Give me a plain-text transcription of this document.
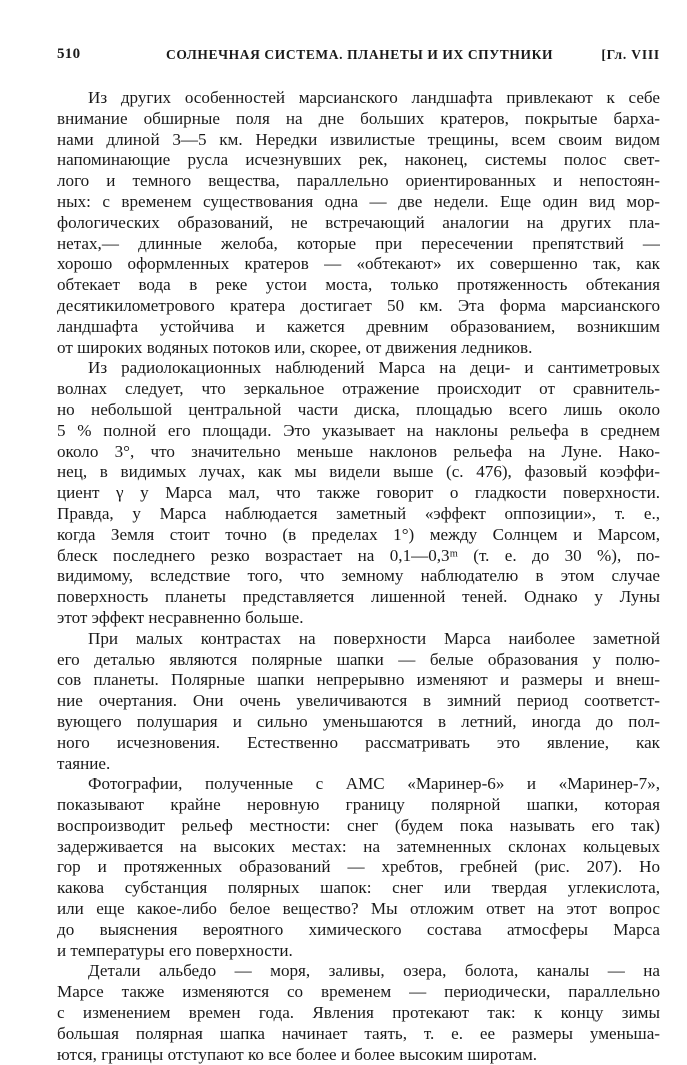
510	СОЛНЕЧНАЯ СИСТЕМА. ПЛАНЕТЫ И ИХ СПУТНИКИ	[Гл. VIII
Из других особенностей марсианского ландшафта привлекают к себе
внимание обширные поля на дне больших кратеров, покрытые барха-
нами длиной 3—5 км. Нередки извилистые трещины, всем своим видом
напоминающие русла исчезнувших рек, наконец, системы полос свет-
лого и темного вещества, параллельно ориентированных и непостоян-
ных: с временем существования одна — две недели. Еще один вид мор-
фологических образований, не встречающий аналогии на других пла-
нетах,— длинные желоба, которые при пересечении препятствий —
хорошо оформленных кратеров — «обтекают» их совершенно так, как
обтекает вода в реке устои моста, только протяженность обтекания
десятикилометрового кратера достигает 50 км. Эта форма марсианского
ландшафта устойчива и кажется древним образованием, возникшим
от широких водяных потоков или, скорее, от движения ледников.
Из радиолокационных наблюдений Марса на деци- и сантиметровых
волнах следует, что зеркальное отражение происходит от сравнитель-
но небольшой центральной части диска, площадью всего лишь около
5 % полной его площади. Это указывает на наклоны рельефа в среднем
около 3°, что значительно меньше наклонов рельефа на Луне. Нако-
нец, в видимых лучах, как мы видели выше (с. 476), фазовый коэффи-
циент γ у Марса мал, что также говорит о гладкости поверхности.
Правда, у Марса наблюдается заметный «эффект оппозиции», т. е.,
когда Земля стоит точно (в пределах 1°) между Солнцем и Марсом,
блеск последнего резко возрастает на 0,1—0,3ᵐ (т. е. до 30 %), по-
видимому, вследствие того, что земному наблюдателю в этом случае
поверхность планеты представляется лишенной теней. Однако у Луны
этот эффект несравненно больше.
При малых контрастах на поверхности Марса наиболее заметной
его деталью являются полярные шапки — белые образования у полю-
сов планеты. Полярные шапки непрерывно изменяют и размеры и внеш-
ние очертания. Они очень увеличиваются в зимний период соответст-
вующего полушария и сильно уменьшаются в летний, иногда до пол-
ного исчезновения. Естественно рассматривать это явление, как
таяние.
Фотографии, полученные с АМС «Маринер-6» и «Маринер-7»,
показывают крайне неровную границу полярной шапки, которая
воспроизводит рельеф местности: снег (будем пока называть его так)
задерживается на высоких местах: на затемненных склонах кольцевых
гор и протяженных образований — хребтов, гребней (рис. 207). Но
какова субстанция полярных шапок: снег или твердая углекислота,
или еще какое-либо белое вещество? Мы отложим ответ на этот вопрос
до выяснения вероятного химического состава атмосферы Марса
и температуры его поверхности.
Детали альбедо — моря, заливы, озера, болота, каналы — на
Марсе также изменяются со временем — периодически, параллельно
с изменением времен года. Явления протекают так: к концу зимы
большая полярная шапка начинает таять, т. е. ее размеры уменьша-
ются, границы отступают ко все более и более высоким широтам.
